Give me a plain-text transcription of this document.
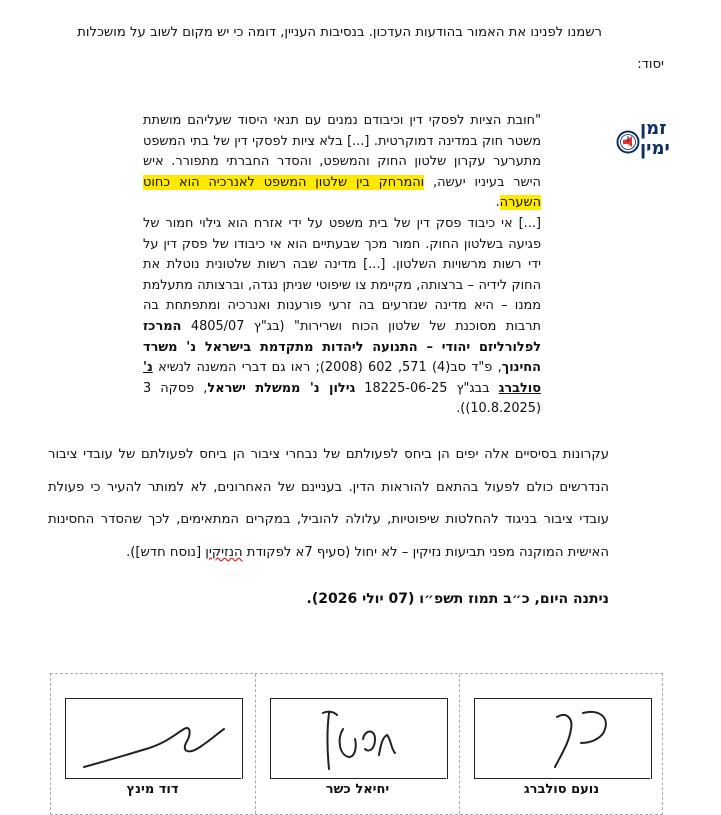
רשמנו לפנינו את האמור בהודעות העדכון. בנסיבות העניין, דומה כי יש מקום לשוב על מושכלות
יסוד:
זמן
ימין

"חובת הציות לפסקי דין וכיבודם נמנים עם תנאי היסוד שעליהם מושתת משטר חוק במדינה דמוקרטית. [...] בלא ציות לפסקי דין של בתי המשפט מתערער עקרון שלטון החוק והמשפט, והסדר החברתי מתפורר. איש הישר בעיניו יעשה, והמרחק בין שלטון המשפט לאנרכיה הוא כחוט השערה.

[...] אי כיבוד פסק דין של בית משפט על ידי אזרח הוא גילוי חמור של פגיעה בשלטון החוק. חמור מכך שבעתיים הוא אי כיבודו של פסק דין על ידי רשות מרשויות השלטון. [...] מדינה שבה רשות שלטונית נוטלת את החוק לידיה – ברצותה, מקיימת צו שיפוטי שניתן נגדה, וברצותה מתעלמת ממנו – היא מדינה שנזרעים בה זרעי פורענות ואנרכיה ומתפתחת בה תרבות מסוכנת של שלטון הכוח ושרירות" (בג"ץ 4805/07 המרכז לפלורליזם יהודי – התנועה ליהדות מתקדמת בישראל נ' משרד החינוך, פ"ד סב(4) 571, 602 (2008); ראו גם דברי המשנה לנשיא נ' סולברג בבג"ץ 18225-06-25 גילון נ' ממשלת ישראל, פסקה 3 (10.8.2025)).

עקרונות בסיסיים אלה יפים הן ביחס לפעולתם של נבחרי ציבור הן ביחס לפעולתם של עובדי ציבור הנדרשים כולם לפעול בהתאם להוראות הדין. בעניינם של האחרונים, לא למותר להעיר כי פעולת עובדי ציבור בניגוד להחלטות שיפוטיות, עלולה להוביל, במקרים המתאימים, לכך שהסדר החסינות האישית המוקנה מפני תביעות נזיקין – לא יחול (סעיף 7א לפקודת הנזיקין [נוסח חדש]).
ניתנה היום, כ״ב תמוז תשפ״ו (07 יולי 2026).
דוד מינץ	יחיאל כשר	נועם סולברג
